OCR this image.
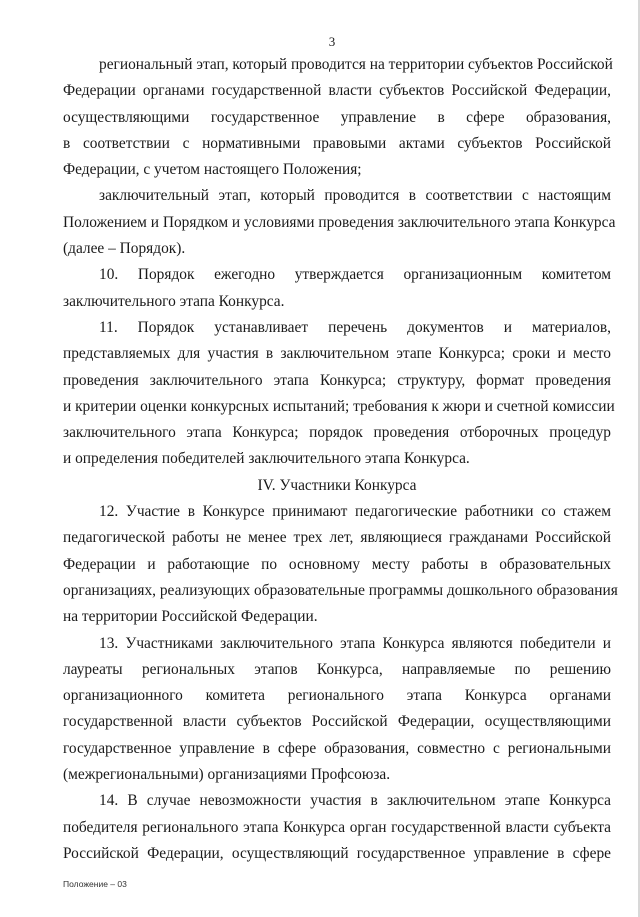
3
региональный этап, который проводится на территории субъектов Российской
Федерации органами государственной власти субъектов Российской Федерации,
осуществляющими государственное управление в сфере образования,
в соответствии с нормативными правовыми актами субъектов Российской
Федерации, с учетом настоящего Положения;
заключительный этап, который проводится в соответствии с настоящим
Положением и Порядком и условиями проведения заключительного этапа Конкурса
(далее – Порядок).
10. Порядок ежегодно утверждается организационным комитетом
заключительного этапа Конкурса.
11. Порядок устанавливает перечень документов и материалов,
представляемых для участия в заключительном этапе Конкурса; сроки и место
проведения заключительного этапа Конкурса; структуру, формат проведения
и критерии оценки конкурсных испытаний; требования к жюри и счетной комиссии
заключительного этапа Конкурса; порядок проведения отборочных процедур
и определения победителей заключительного этапа Конкурса.
IV. Участники Конкурса
12. Участие в Конкурсе принимают педагогические работники со стажем
педагогической работы не менее трех лет, являющиеся гражданами Российской
Федерации и работающие по основному месту работы в образовательных
организациях, реализующих образовательные программы дошкольного образования
на территории Российской Федерации.
13. Участниками заключительного этапа Конкурса являются победители и
лауреаты региональных этапов Конкурса, направляемые по решению
организационного комитета регионального этапа Конкурса органами
государственной власти субъектов Российской Федерации, осуществляющими
государственное управление в сфере образования, совместно с региональными
(межрегиональными) организациями Профсоюза.
14. В случае невозможности участия в заключительном этапе Конкурса
победителя регионального этапа Конкурса орган государственной власти субъекта
Российской Федерации, осуществляющий государственное управление в сфере
Положение – 03
